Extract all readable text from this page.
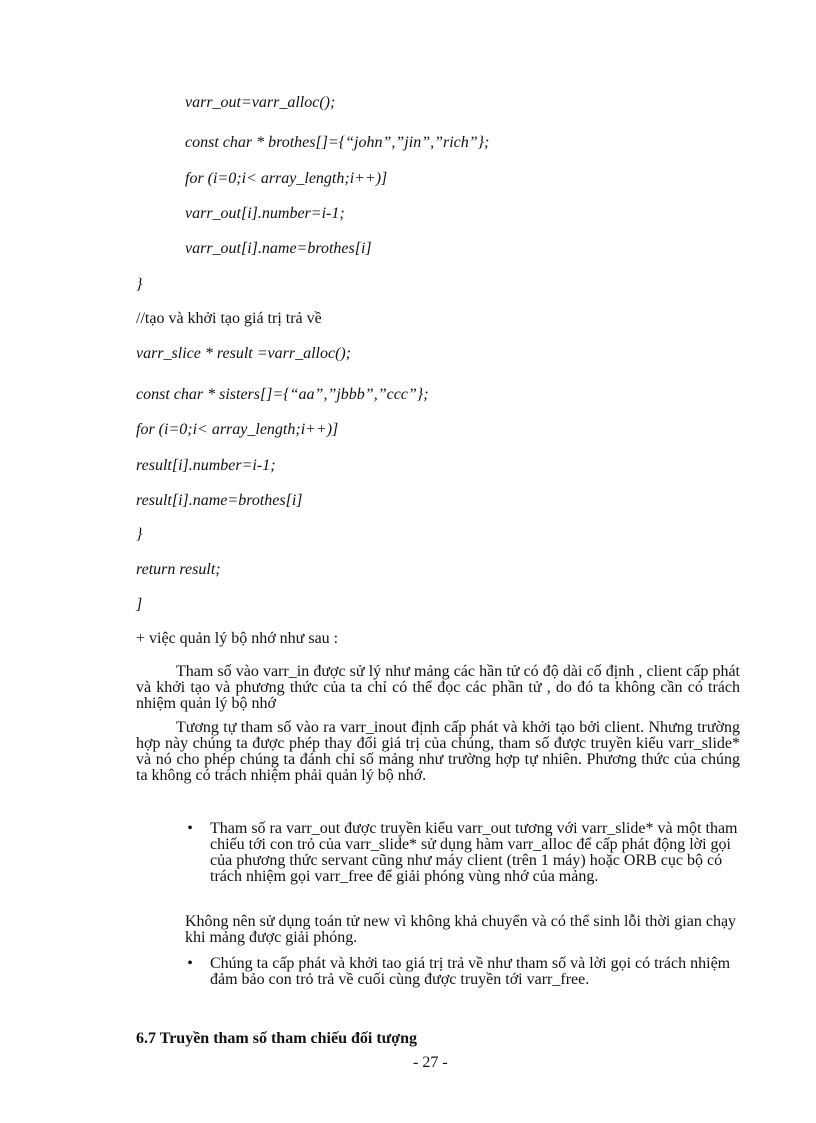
varr_out=varr_alloc();
const char * brothes[]={“john”,”jin”,”rich”};
for (i=0;i< array_length;i++)]
varr_out[i].number=i-1;
varr_out[i].name=brothes[i]
}
//tạo và khởi tạo giá trị trả về
varr_slice * result =varr_alloc();
const char * sisters[]={“aa”,”jbbb”,”ccc”};
for (i=0;i< array_length;i++)]
result[i].number=i-1;
result[i].name=brothes[i]
}
return result;
]
+ việc quản lý bộ nhớ như sau :
Tham số vào varr_in được sử lý như mảng các hần tử có độ dài cố định , client cấp phát và khởi tạo và phương thức của ta chỉ có thể đọc các phần tử , do đó ta không cần có trách nhiệm quản lý bộ nhớ
Tương tự tham số vào ra varr_inout định cấp phát và khởi tạo bởi client. Nhưng trường hợp này chúng ta được phép thay đổi giá trị của chúng, tham số được truyền kiểu varr_slide* và nó cho phép chúng ta đánh chỉ số mảng như trường hợp tự nhiên. Phương thức của chúng ta không có trách nhiệm phải quản lý bộ nhớ.
•	Tham số ra varr_out được truyền kiểu varr_out tương với varr_slide* và một tham chiếu tới con trỏ của varr_slide* sử dụng hàm varr_alloc để cấp phát động lời gọi của phương thức servant cũng như máy client (trên 1 máy) hoặc ORB cục bộ có trách nhiệm gọi varr_free để giải phóng vùng nhớ của mảng.
Không nên sử dụng toán tử new vì không khả chuyển và có thể sinh lỗi thời gian chạy khi mảng được giải phóng.
•	Chúng ta cấp phát và khởi tao giá trị trả về như tham số và lời gọi có trách nhiệm đảm bảo con trỏ trả về cuối cùng được truyền tới varr_free.
6.7 Truyền tham số tham chiếu đối tượng
- 27 -
